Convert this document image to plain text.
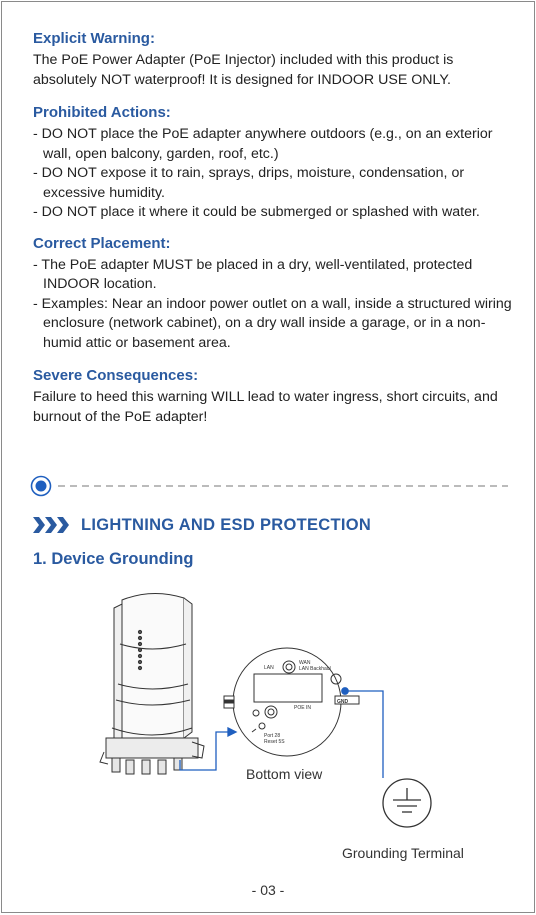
Explicit Warning:

The PoE Power Adapter (PoE Injector) included with this product is absolutely NOT waterproof! It is designed for INDOOR USE ONLY.

Prohibited Actions:
- DO NOT place the PoE adapter anywhere outdoors (e.g., on an exterior wall, open balcony, garden, roof, etc.)
- DO NOT expose it to rain, sprays, drips, moisture, condensation, or excessive humidity.
- DO NOT place it where it could be submerged or splashed with water.
Correct Placement:
- The PoE adapter MUST be placed in a dry, well-ventilated, protected INDOOR location.
- Examples: Near an indoor power outlet on a wall, inside a structured wiring enclosure (network cabinet), on a dry wall inside a garage, or in a non-humid attic or basement area.
Severe Consequences:

Failure to heed this warning WILL lead to water ingress, short circuits, and burnout of the PoE adapter!

LIGHTNING AND ESD PROTECTION
1. Device Grounding
LAN
WAN
LAN Backhaul
POE IN
GND
Port 28
Reset 5S
Bottom view
Grounding Terminal
- 03 -
